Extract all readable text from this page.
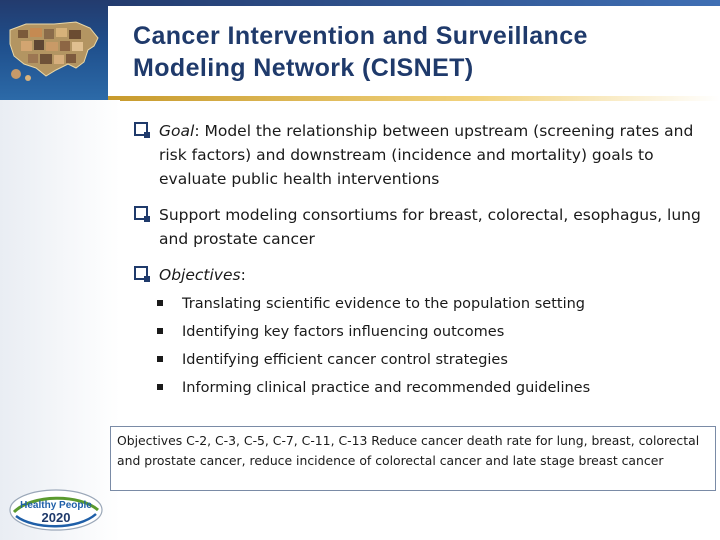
Cancer Intervention and Surveillance
Modeling Network (CISNET)
Goal: Model the relationship between upstream (screening rates and risk factors) and downstream (incidence and mortality) goals to evaluate public health interventions
Support modeling consortiums for breast, colorectal, esophagus, lung and prostate cancer
Objectives:
Translating scientific evidence to the population setting
Identifying key factors influencing outcomes
Identifying efficient cancer control strategies
Informing clinical practice and recommended guidelines
Objectives C-2, C-3, C-5, C-7, C-11, C-13 Reduce cancer death rate for lung, breast, colorectal and prostate cancer, reduce incidence of colorectal cancer and late stage breast cancer
Healthy People
2020
